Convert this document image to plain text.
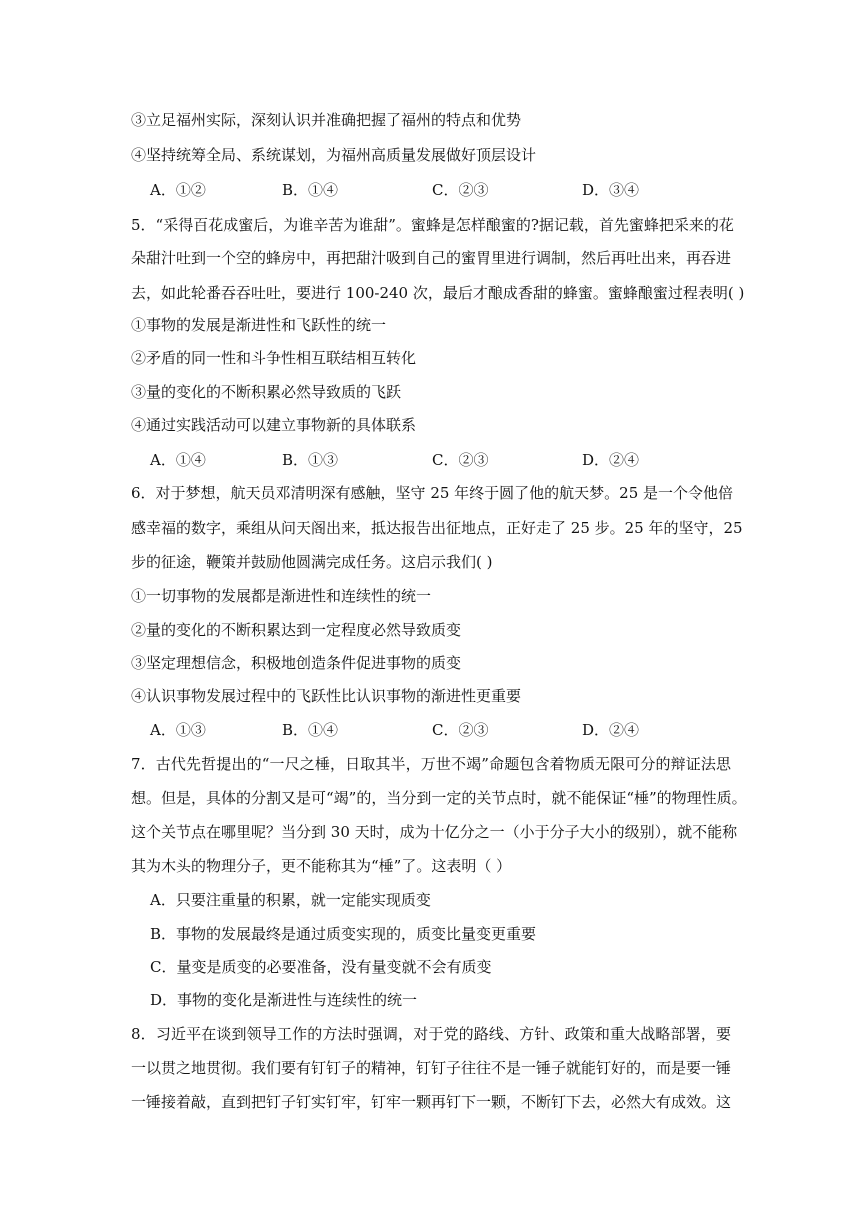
③立足福州实际，深刻认识并准确把握了福州的特点和优势
④坚持统筹全局、系统谋划，为福州高质量发展做好顶层设计
A．①②	B．①④	C．②③	D．③④
5．“采得百花成蜜后，为谁辛苦为谁甜”。蜜蜂是怎样酿蜜的?据记载，首先蜜蜂把采来的花
朵甜汁吐到一个空的蜂房中，再把甜汁吸到自己的蜜胃里进行调制，然后再吐出来，再吞进
去，如此轮番吞吞吐吐，要进行 100-240 次，最后才酿成香甜的蜂蜜。蜜蜂酿蜜过程表明( )
①事物的发展是渐进性和飞跃性的统一
②矛盾的同一性和斗争性相互联结相互转化
③量的变化的不断积累必然导致质的飞跃
④通过实践活动可以建立事物新的具体联系
A．①④	B．①③	C．②③	D．②④
6．对于梦想，航天员邓清明深有感触，坚守 25 年终于圆了他的航天梦。25 是一个令他倍
感幸福的数字，乘组从问天阁出来，抵达报告出征地点，正好走了 25 步。25 年的坚守，25
步的征途，鞭策并鼓励他圆满完成任务。这启示我们( )
①一切事物的发展都是渐进性和连续性的统一
②量的变化的不断积累达到一定程度必然导致质变
③坚定理想信念，积极地创造条件促进事物的质变
④认识事物发展过程中的飞跃性比认识事物的渐进性更重要
A．①③	B．①④	C．②③	D．②④
7．古代先哲提出的“一尺之棰，日取其半，万世不竭”命题包含着物质无限可分的辩证法思
想。但是，具体的分割又是可“竭”的，当分到一定的关节点时，就不能保证“棰”的物理性质。
这个关节点在哪里呢？当分到 30 天时，成为十亿分之一（小于分子大小的级别），就不能称
其为木头的物理分子，更不能称其为“棰”了。这表明（ ）
A．只要注重量的积累，就一定能实现质变
B．事物的发展最终是通过质变实现的，质变比量变更重要
C．量变是质变的必要准备，没有量变就不会有质变
D．事物的变化是渐进性与连续性的统一
8．习近平在谈到领导工作的方法时强调，对于党的路线、方针、政策和重大战略部署，要
一以贯之地贯彻。我们要有钉钉子的精神，钉钉子往往不是一锤子就能钉好的，而是要一锤
一锤接着敲，直到把钉子钉实钉牢，钉牢一颗再钉下一颗，不断钉下去，必然大有成效。这
